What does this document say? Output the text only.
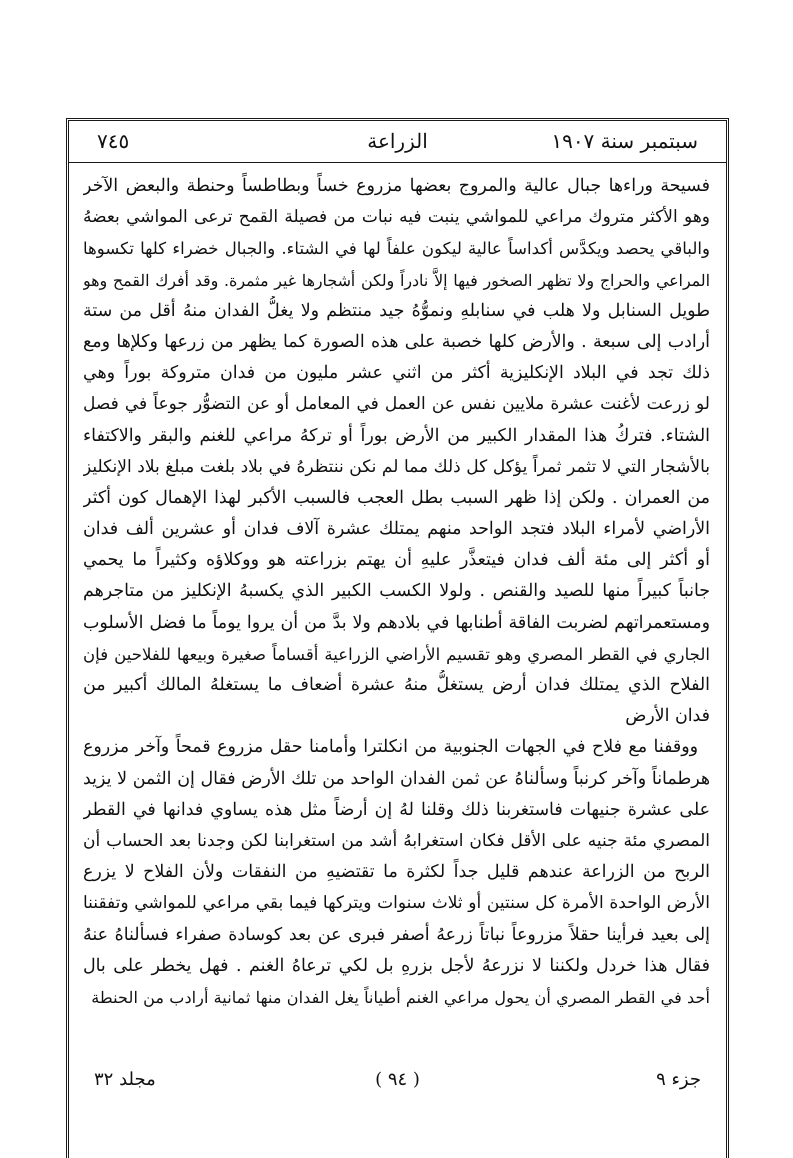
سبتمبر سنة ١٩٠٧
الزراعة
٧٤٥
فسيحة وراءها جبال عالية والمروج بعضها مزروع خساً وبطاطساً وحنطة والبعض الآخر
وهو الأكثر متروك مراعي للمواشي ينبت فيه نبات من فصيلة القمح ترعى المواشي بعضهُ
والباقي يحصد ويكدَّس أكداساً عالية ليكون علفاً لها في الشتاء. والجبال خضراء كلها تكسوها
المراعي والحراج ولا تظهر الصخور فيها إلاَّ نادراً ولكن أشجارها غير مثمرة. وقد أفرك القمح وهو
طويل السنابل ولا هلب في سنابلهِ ونموُّهُ جيد منتظم ولا يغلُّ الفدان منهُ أقل من ستة
أرادب إلى سبعة . والأرض كلها خصبة على هذه الصورة كما يظهر من زرعها وكلإها ومع
ذلك تجد في البلاد الإنكليزية أكثر من اثني عشر مليون من فدان متروكة بوراً وهي
لو زرعت لأغنت عشرة ملايين نفس عن العمل في المعامل أو عن التضوُّر جوعاً في فصل
الشتاء. فتركُ هذا المقدار الكبير من الأرض بوراً أو تركهُ مراعي للغنم والبقر والاكتفاء
بالأشجار التي لا تثمر ثمراً يؤكل كل ذلك مما لم نكن ننتظرهُ في بلاد بلغت مبلغ بلاد الإنكليز
من العمران . ولكن إذا ظهر السبب بطل العجب فالسبب الأكبر لهذا الإهمال كون أكثر
الأراضي لأمراء البلاد فتجد الواحد منهم يمتلك عشرة آلاف فدان أو عشرين ألف فدان
أو أكثر إلى مئة ألف فدان فيتعذَّر عليهِ أن يهتم بزراعته هو ووكلاؤه وكثيراً ما يحمي
جانباً كبيراً منها للصيد والقنص . ولولا الكسب الكبير الذي يكسبهُ الإنكليز من متاجرهم
ومستعمراتهم لضربت الفاقة أطنابها في بلادهم ولا بدَّ من أن يروا يوماً ما فضل الأسلوب
الجاري في القطر المصري وهو تقسيم الأراضي الزراعية أقساماً صغيرة وبيعها للفلاحين فإن
الفلاح الذي يمتلك فدان أرض يستغلُّ منهُ عشرة أضعاف ما يستغلهُ المالك أكبير من
فدان الأرض
ووقفنا مع فلاح في الجهات الجنوبية من انكلترا وأمامنا حقل مزروع قمحاً وآخر مزروع
هرطماناً وآخر كرنباً وسألناهُ عن ثمن الفدان الواحد من تلك الأرض فقال إن الثمن لا يزيد
على عشرة جنيهات فاستغربنا ذلك وقلنا لهُ إن أرضاً مثل هذه يساوي فدانها في القطر
المصري مئة جنيه على الأقل فكان استغرابهُ أشد من استغرابنا لكن وجدنا بعد الحساب أن
الربح من الزراعة عندهم قليل جداً لكثرة ما تقتضيهِ من النفقات ولأن الفلاح لا يزرع
الأرض الواحدة الأمرة كل سنتين أو ثلاث سنوات ويتركها فيما بقي مراعي للمواشي وتفقننا
إلى بعيد فرأينا حقلاً مزروعاً نباتاً زرعهُ أصفر فبرى عن بعد كوسادة صفراء فسألناهُ عنهُ
فقال هذا خردل ولكننا لا نزرعهُ لأجل بزرهِ بل لكي ترعاهُ الغنم . فهل يخطر على بال
أحد في القطر المصري أن يحول مراعي الغنم أطياناً يغل الفدان منها ثمانية أرادب من الحنطة
جزء ٩
( ٩٤ )
مجلد ٣٢
